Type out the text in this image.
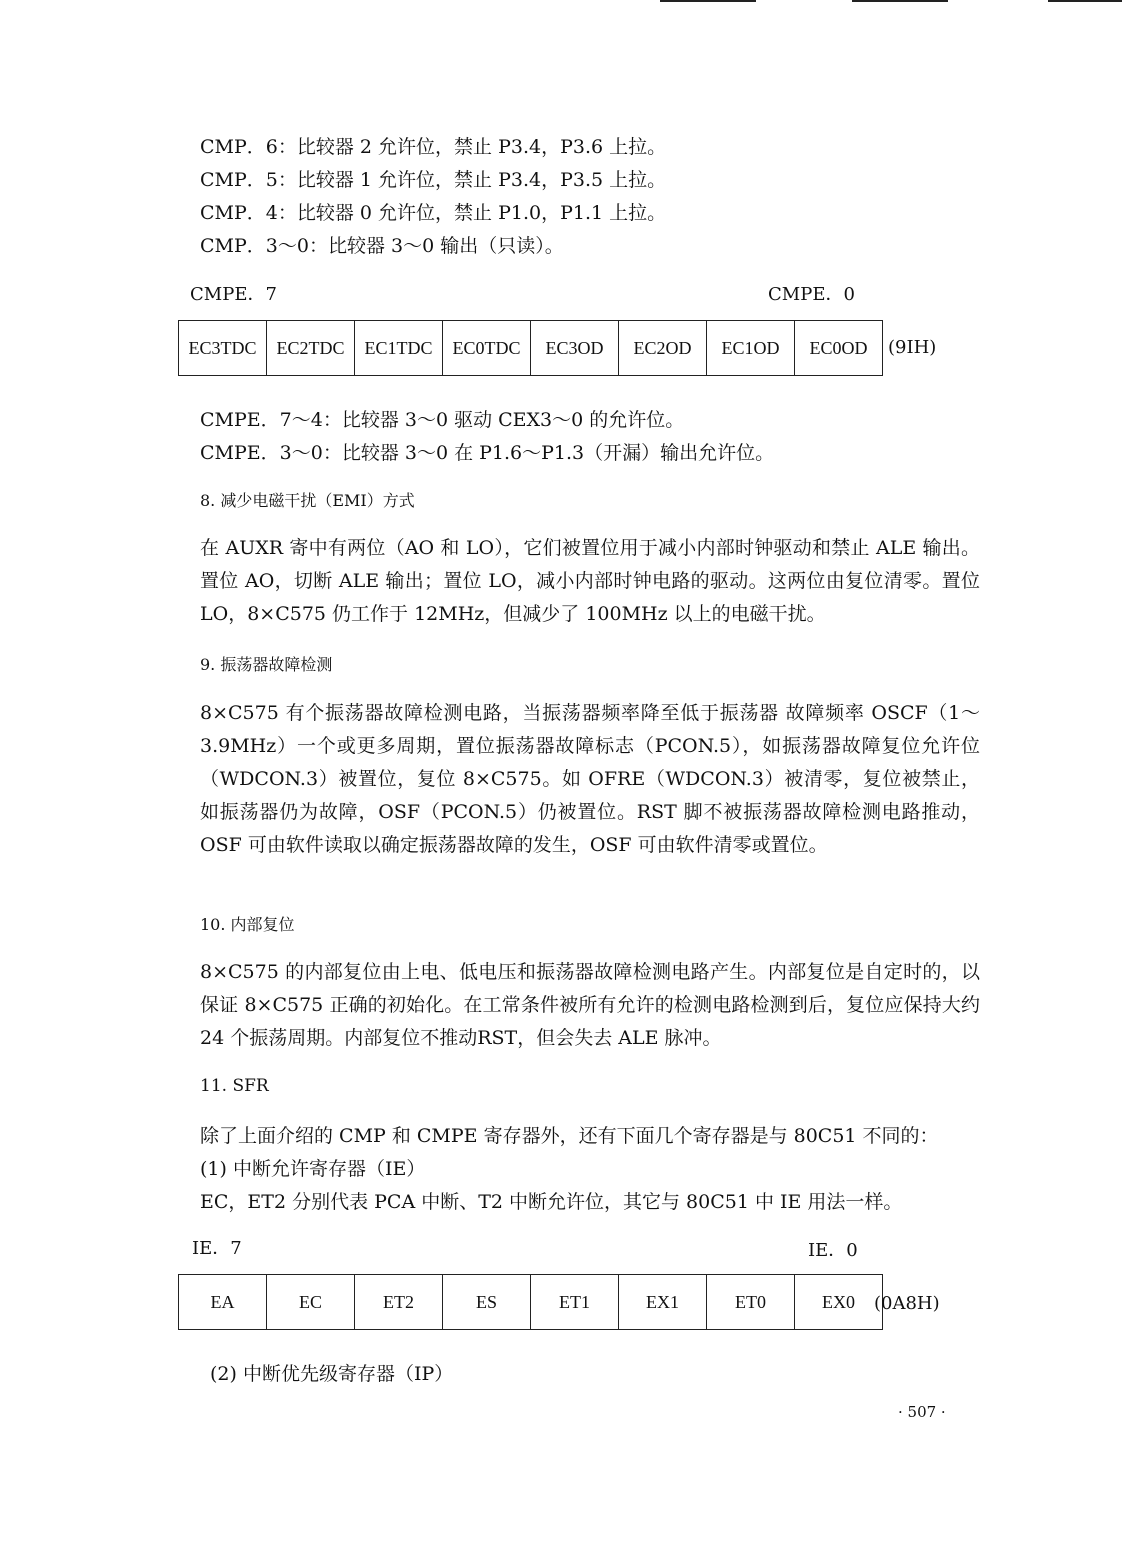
CMP．6：比较器 2 允许位，禁止 P3.4，P3.6 上拉。
CMP．5：比较器 1 允许位，禁止 P3.4，P3.5 上拉。
CMP．4：比较器 0 允许位，禁止 P1.0，P1.1 上拉。
CMP．3～0：比较器 3～0 输出（只读）。
CMPE．7	CMPE．0
EC3TDC	EC2TDC	EC1TDC	EC0TDC	EC3OD	EC2OD	EC1OD	EC0OD (9IH)
CMPE．7～4：比较器 3～0 驱动 CEX3～0 的允许位。
CMPE．3～0：比较器 3～0 在 P1.6～P1.3（开漏）输出允许位。
8. 减少电磁干扰（EMI）方式
在 AUXR 寄中有两位（AO 和 LO），它们被置位用于减小内部时钟驱动和禁止 ALE 输出。置位 AO，切断 ALE 输出；置位 LO，减小内部时钟电路的驱动。这两位由复位清零。置位 LO，8×C575 仍工作于 12MHz，但减少了 100MHz 以上的电磁干扰。
9. 振荡器故障检测
8×C575 有个振荡器故障检测电路，当振荡器频率降至低于振荡器 故障频率 OSCF（1～3.9MHz）一个或更多周期，置位振荡器故障标志（PCON.5），如振荡器故障复位允许位（WDCON.3）被置位，复位 8×C575。如 OFRE（WDCON.3）被清零，复位被禁止，如振荡器仍为故障，OSF（PCON.5）仍被置位。RST 脚不被振荡器故障检测电路推动，OSF 可由软件读取以确定振荡器故障的发生，OSF 可由软件清零或置位。
10. 内部复位
8×C575 的内部复位由上电、低电压和振荡器故障检测电路产生。内部复位是自定时的，以保证 8×C575 正确的初始化。在工常条件被所有允许的检测电路检测到后，复位应保持大约 24 个振荡周期。内部复位不推动RST，但会失去 ALE 脉冲。
11. SFR
除了上面介绍的 CMP 和 CMPE 寄存器外，还有下面几个寄存器是与 80C51 不同的：
(1) 中断允许寄存器（IE）
EC，ET2 分别代表 PCA 中断、T2 中断允许位，其它与 80C51 中 IE 用法一样。
IE．7	IE．0
EA	EC	ET2	ES	ET1	EX1	ET0	EX0 (0A8H)
(2) 中断优先级寄存器（IP）
· 507 ·
